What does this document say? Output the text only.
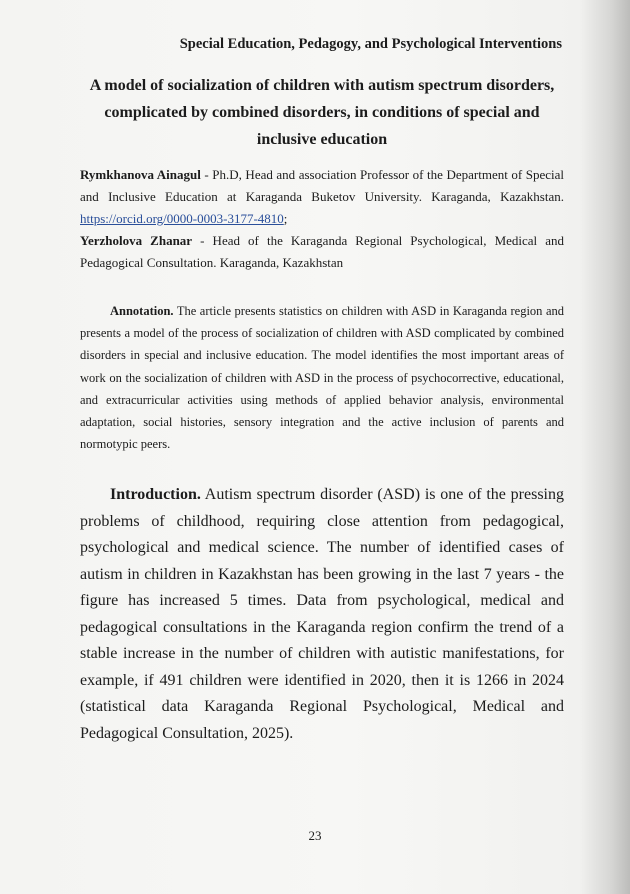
Special Education, Pedagogy, and Psychological Interventions
A model of socialization of children with autism spectrum disorders, complicated by combined disorders, in conditions of special and inclusive education

Rymkhanova Ainagul - Ph.D, Head and association Professor of the Department of Special and Inclusive Education at Karaganda Buketov University. Karaganda, Kazakhstan. https://orcid.org/0000-0003-3177-4810;

Yerzholova Zhanar - Head of the Karaganda Regional Psychological, Medical and Pedagogical Consultation. Karaganda, Kazakhstan

Annotation. The article presents statistics on children with ASD in Karaganda region and presents a model of the process of socialization of children with ASD complicated by combined disorders in special and inclusive education. The model identifies the most important areas of work on the socialization of children with ASD in the process of psychocorrective, educational, and extracurricular activities using methods of applied behavior analysis, environmental adaptation, social histories, sensory integration and the active inclusion of parents and normotypic peers.

Introduction. Autism spectrum disorder (ASD) is one of the pressing problems of childhood, requiring close attention from pedagogical, psychological and medical science. The number of identified cases of autism in children in Kazakhstan has been growing in the last 7 years - the figure has increased 5 times. Data from psychological, medical and pedagogical consultations in the Karaganda region confirm the trend of a stable increase in the number of children with autistic manifestations, for example, if 491 children were identified in 2020, then it is 1266 in 2024 (statistical data Karaganda Regional Psychological, Medical and Pedagogical Consultation, 2025).

23
